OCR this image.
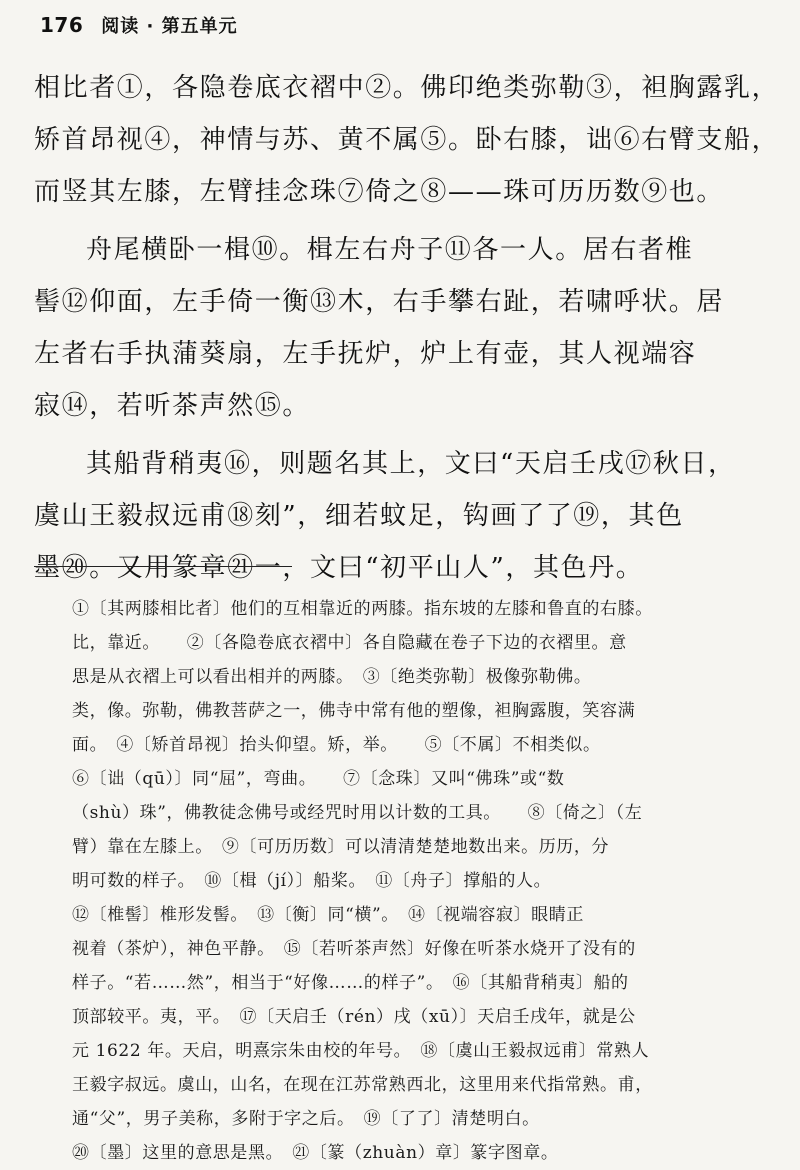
176 阅读 · 第五单元
相比者①，各隐卷底衣褶中②。佛印绝类弥勒③，袒胸露乳，
矫首昂视④，神情与苏、黄不属⑤。卧右膝，诎⑥右臂支船，
而竖其左膝，左臂挂念珠⑦倚之⑧——珠可历历数⑨也。
舟尾横卧一楫⑩。楫左右舟子⑪各一人。居右者椎
髻⑫仰面，左手倚一衡⑬木，右手攀右趾，若啸呼状。居
左者右手执蒲葵扇，左手抚炉，炉上有壶，其人视端容
寂⑭，若听茶声然⑮。
其船背稍夷⑯，则题名其上，文曰“天启壬戌⑰秋日，
虞山王毅叔远甫⑱刻”，细若蚊足，钩画了了⑲，其色
墨⑳。又用篆章㉑一，文曰“初平山人”，其色丹。
①〔其两膝相比者〕他们的互相靠近的两膝。指东坡的左膝和鲁直的右膝。
比，靠近。　　②〔各隐卷底衣褶中〕各自隐藏在卷子下边的衣褶里。意
思是从衣褶上可以看出相并的两膝。　③〔绝类弥勒〕极像弥勒佛。
类，像。弥勒，佛教菩萨之一，佛寺中常有他的塑像，袒胸露腹，笑容满
面。　④〔矫首昂视〕抬头仰望。矫，举。　　⑤〔不属〕不相类似。
⑥〔诎（qū）〕同“屈”，弯曲。　　⑦〔念珠〕又叫“佛珠”或“数
（shù）珠”，佛教徒念佛号或经咒时用以计数的工具。　　⑧〔倚之〕（左
臂）靠在左膝上。　⑨〔可历历数〕可以清清楚楚地数出来。历历，分
明可数的样子。　⑩〔楫（jí）〕船桨。　⑪〔舟子〕撑船的人。
⑫〔椎髻〕椎形发髻。　⑬〔衡〕同“横”。　⑭〔视端容寂〕眼睛正
视着（茶炉），神色平静。　⑮〔若听茶声然〕好像在听茶水烧开了没有的
样子。“若……然”，相当于“好像……的样子”。　⑯〔其船背稍夷〕船的
顶部较平。夷，平。　⑰〔天启壬（rén）戌（xū）〕天启壬戌年，就是公
元 1622 年。天启，明熹宗朱由校的年号。　⑱〔虞山王毅叔远甫〕常熟人
王毅字叔远。虞山，山名，在现在江苏常熟西北，这里用来代指常熟。甫，
通“父”，男子美称，多附于字之后。　⑲〔了了〕清楚明白。
⑳〔墨〕这里的意思是黑。　㉑〔篆（zhuàn）章〕篆字图章。
